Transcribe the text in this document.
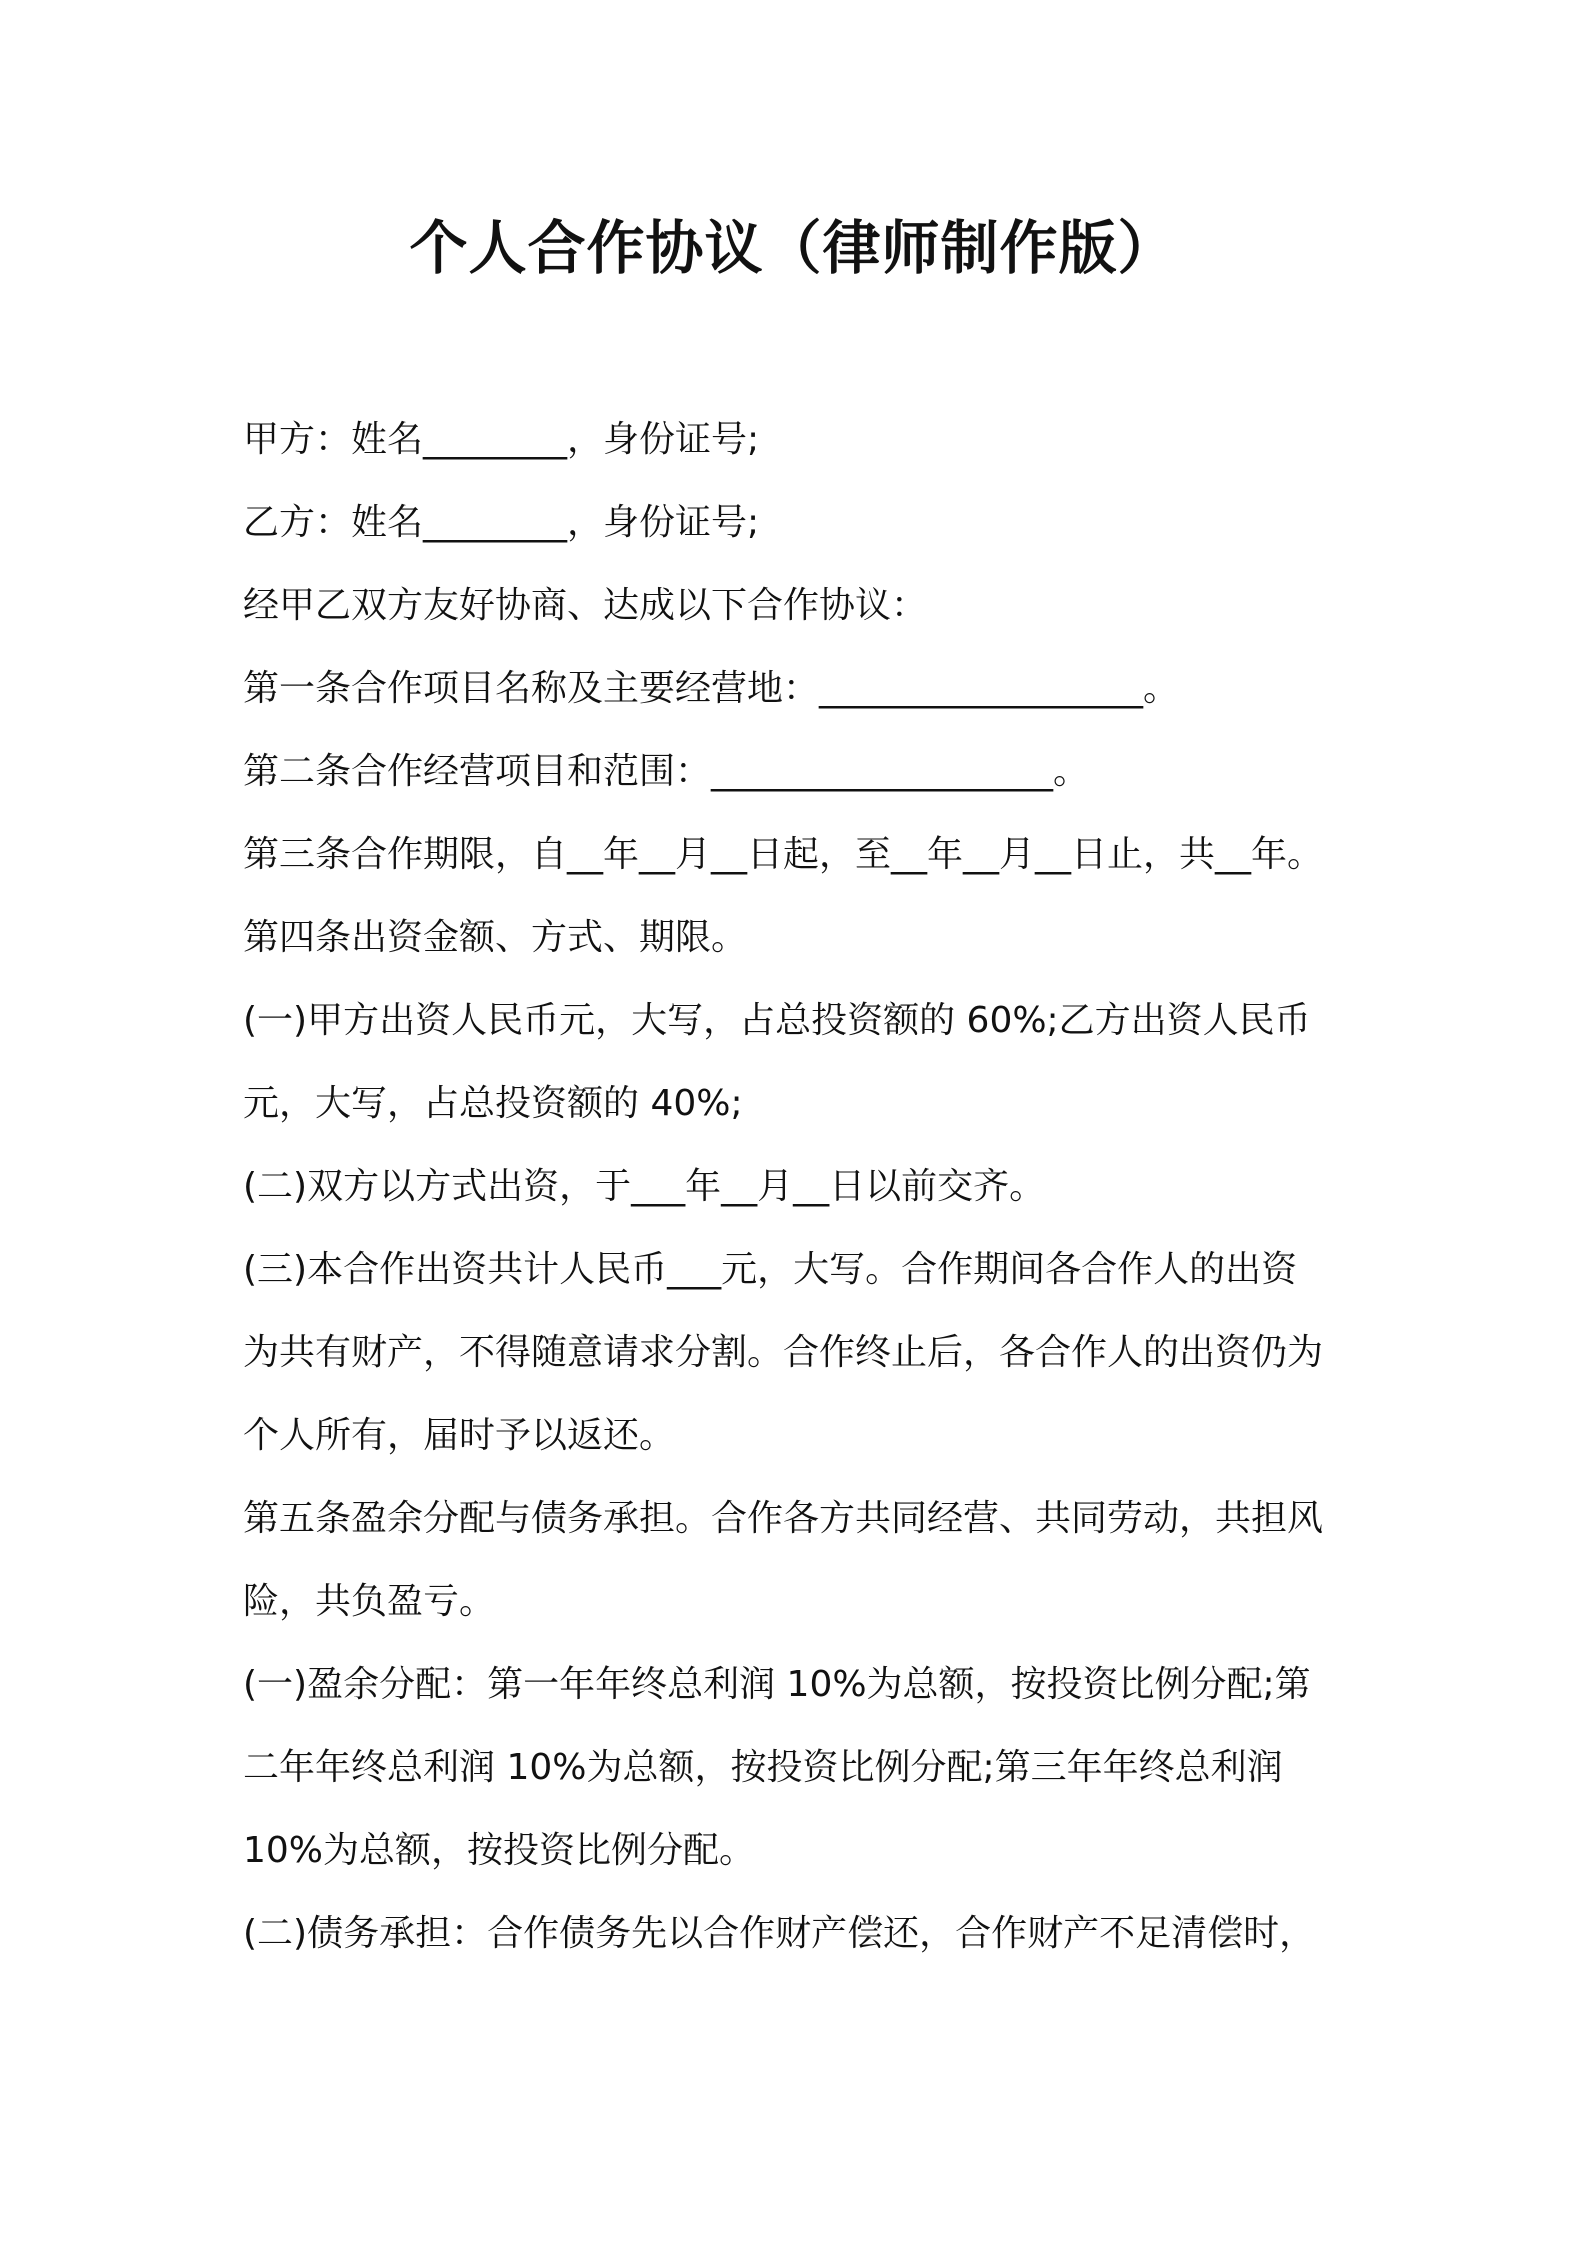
个人合作协议（律师制作版）

甲方：姓名________，身份证号;

乙方：姓名________，身份证号;

经甲乙双方友好协商、达成以下合作协议：

第一条合作项目名称及主要经营地：__________________。

第二条合作经营项目和范围：___________________。

第三条合作期限，自__年__月__日起，至__年__月__日止，共__年。

第四条出资金额、方式、期限。

(一)甲方出资人民币元，大写，占总投资额的 60%;乙方出资人民币

元，大写，占总投资额的 40%;

(二)双方以方式出资，于___年__月__日以前交齐。

(三)本合作出资共计人民币___元，大写。合作期间各合作人的出资

为共有财产，不得随意请求分割。合作终止后，各合作人的出资仍为

个人所有，届时予以返还。

第五条盈余分配与债务承担。合作各方共同经营、共同劳动，共担风

险，共负盈亏。

(一)盈余分配：第一年年终总利润 10%为总额，按投资比例分配;第

二年年终总利润 10%为总额，按投资比例分配;第三年年终总利润

10%为总额，按投资比例分配。

(二)债务承担：合作债务先以合作财产偿还，合作财产不足清偿时，
